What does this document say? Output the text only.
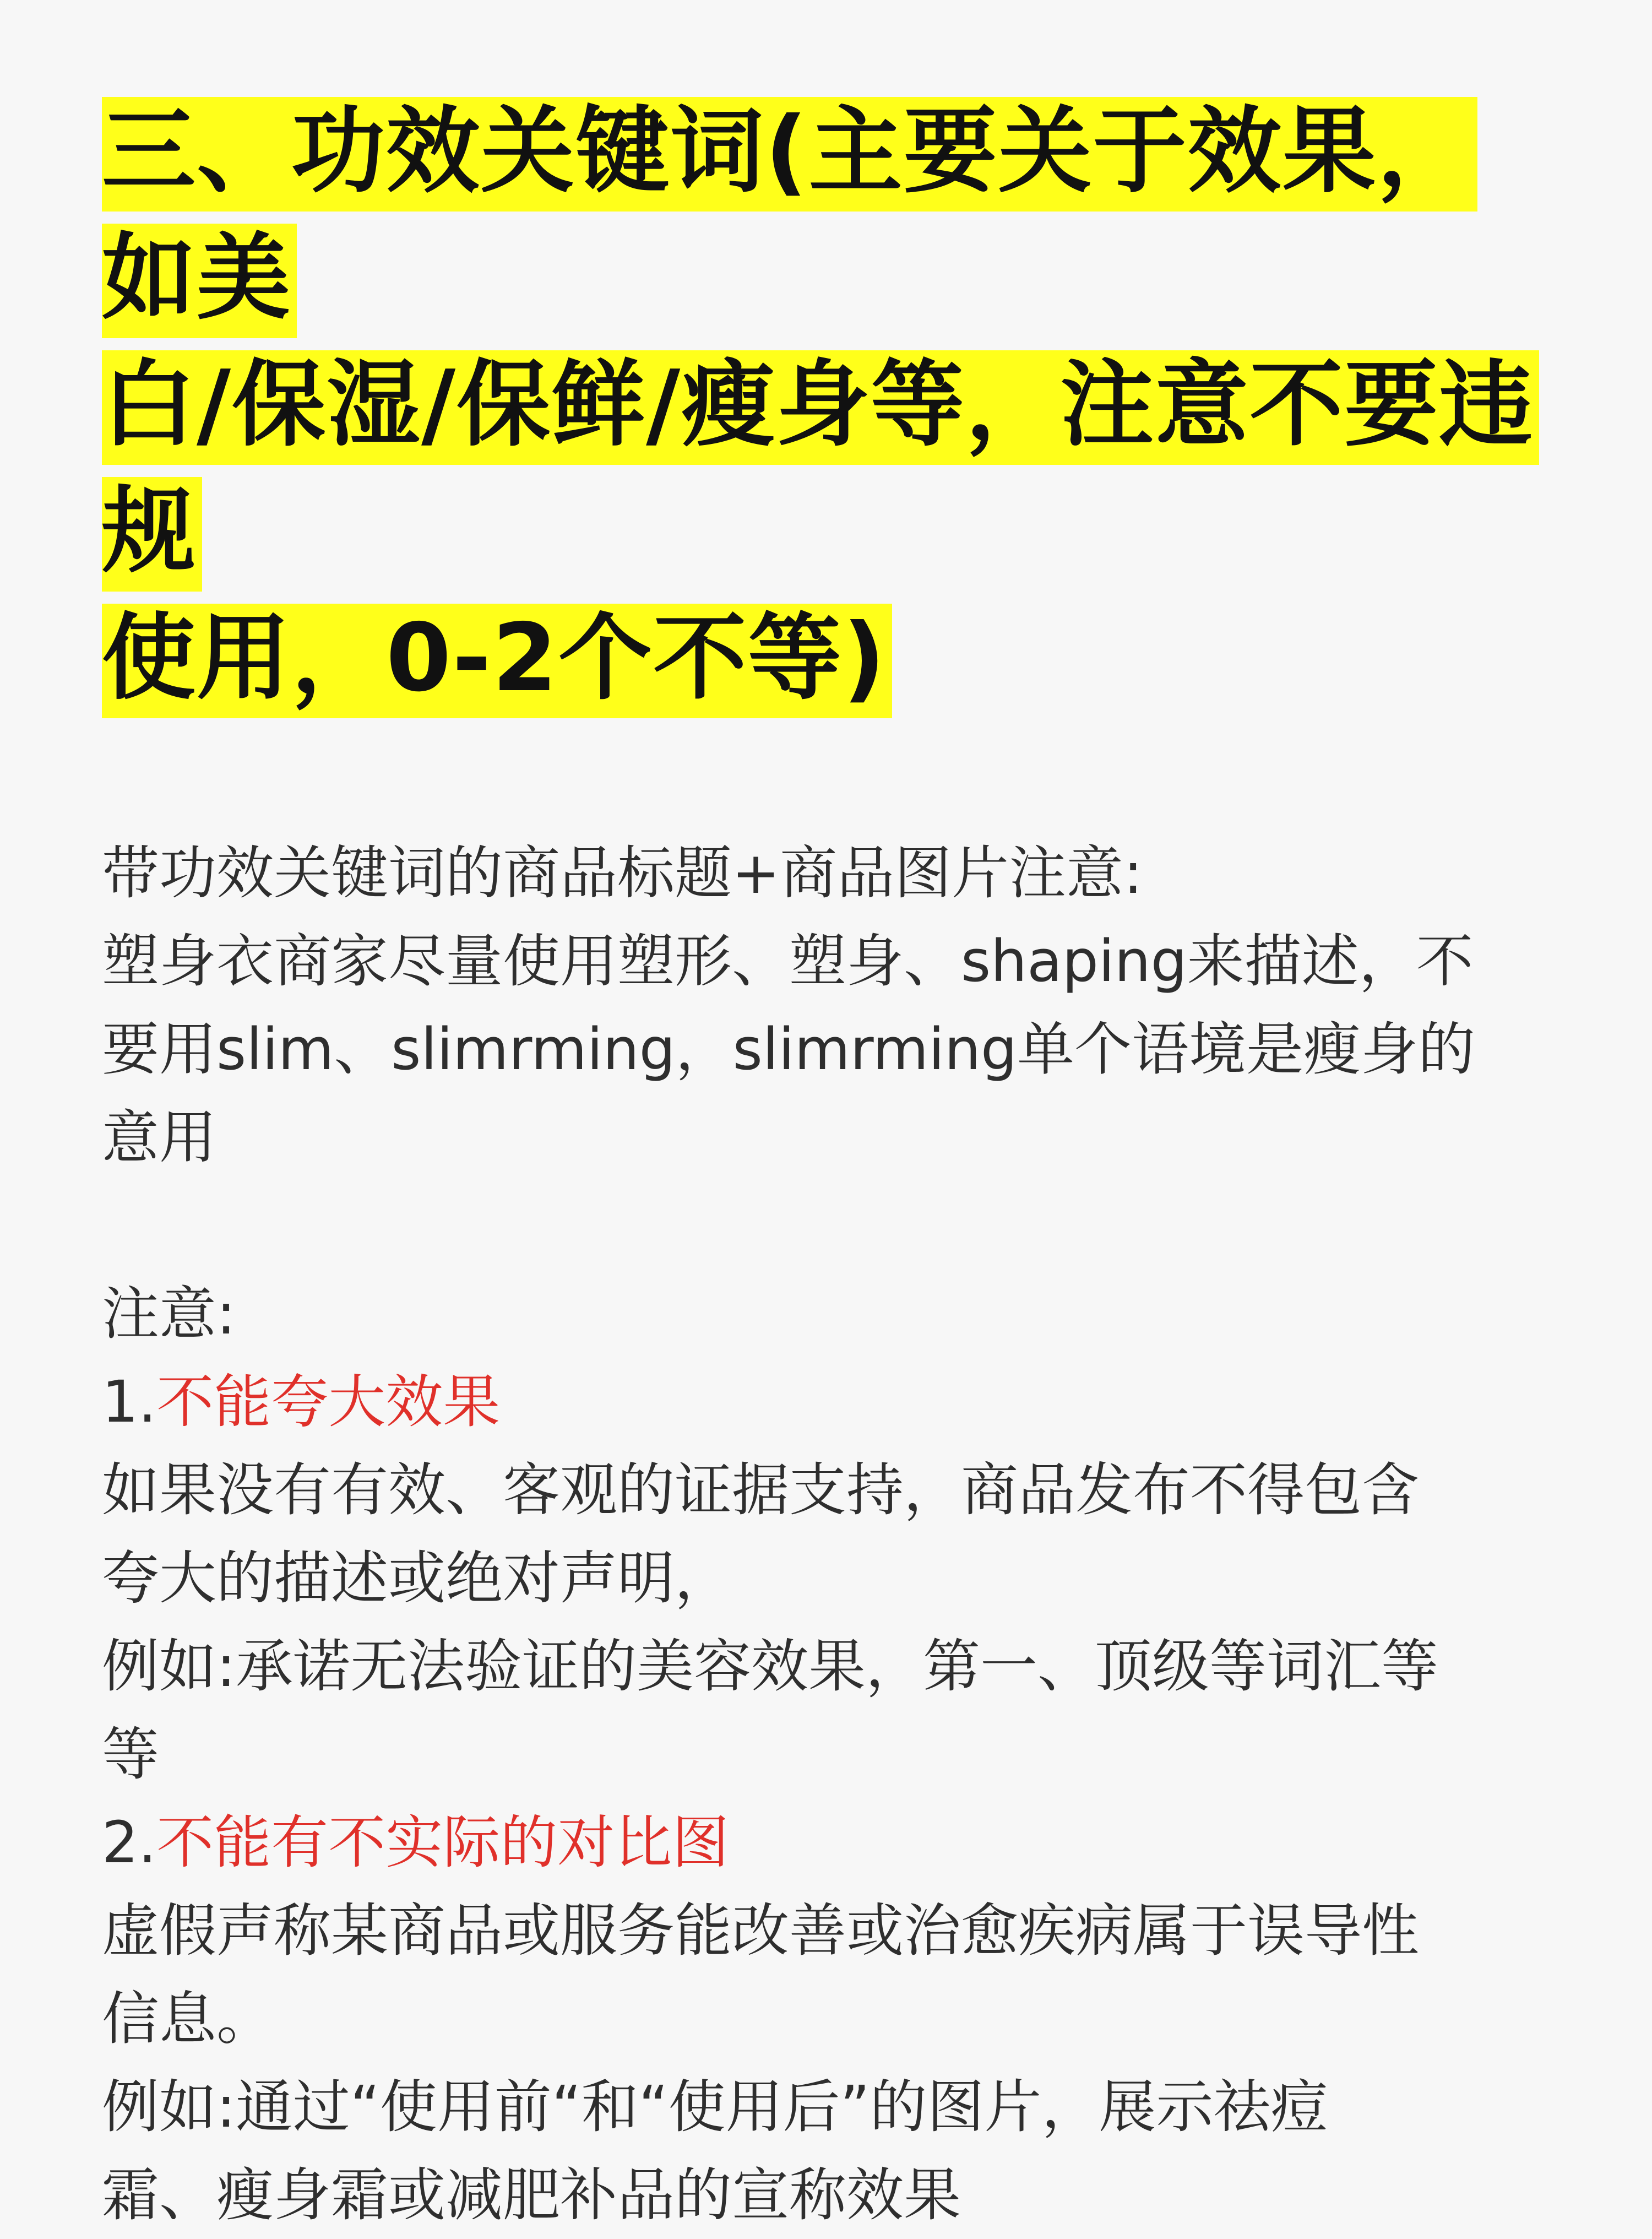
三、功效关键词(主要关于效果，如美
白/保湿/保鲜/瘦身等，注意不要违规
使用，0-2个不等)
带功效关键词的商品标题+商品图片注意:
塑身衣商家尽量使用塑形、塑身、shaping来描述，不
要用slim、slimrming，slimrming单个语境是瘦身的
意用
注意:
1.不能夸大效果
如果没有有效、客观的证据支持，商品发布不得包含
夸大的描述或绝对声明，
例如:承诺无法验证的美容效果，第一、顶级等词汇等
等
2.不能有不实际的对比图
虚假声称某商品或服务能改善或治愈疾病属于误导性
信息。
例如:通过“使用前“和“使用后”的图片，展示祛痘
霜、瘦身霜或减肥补品的宣称效果
